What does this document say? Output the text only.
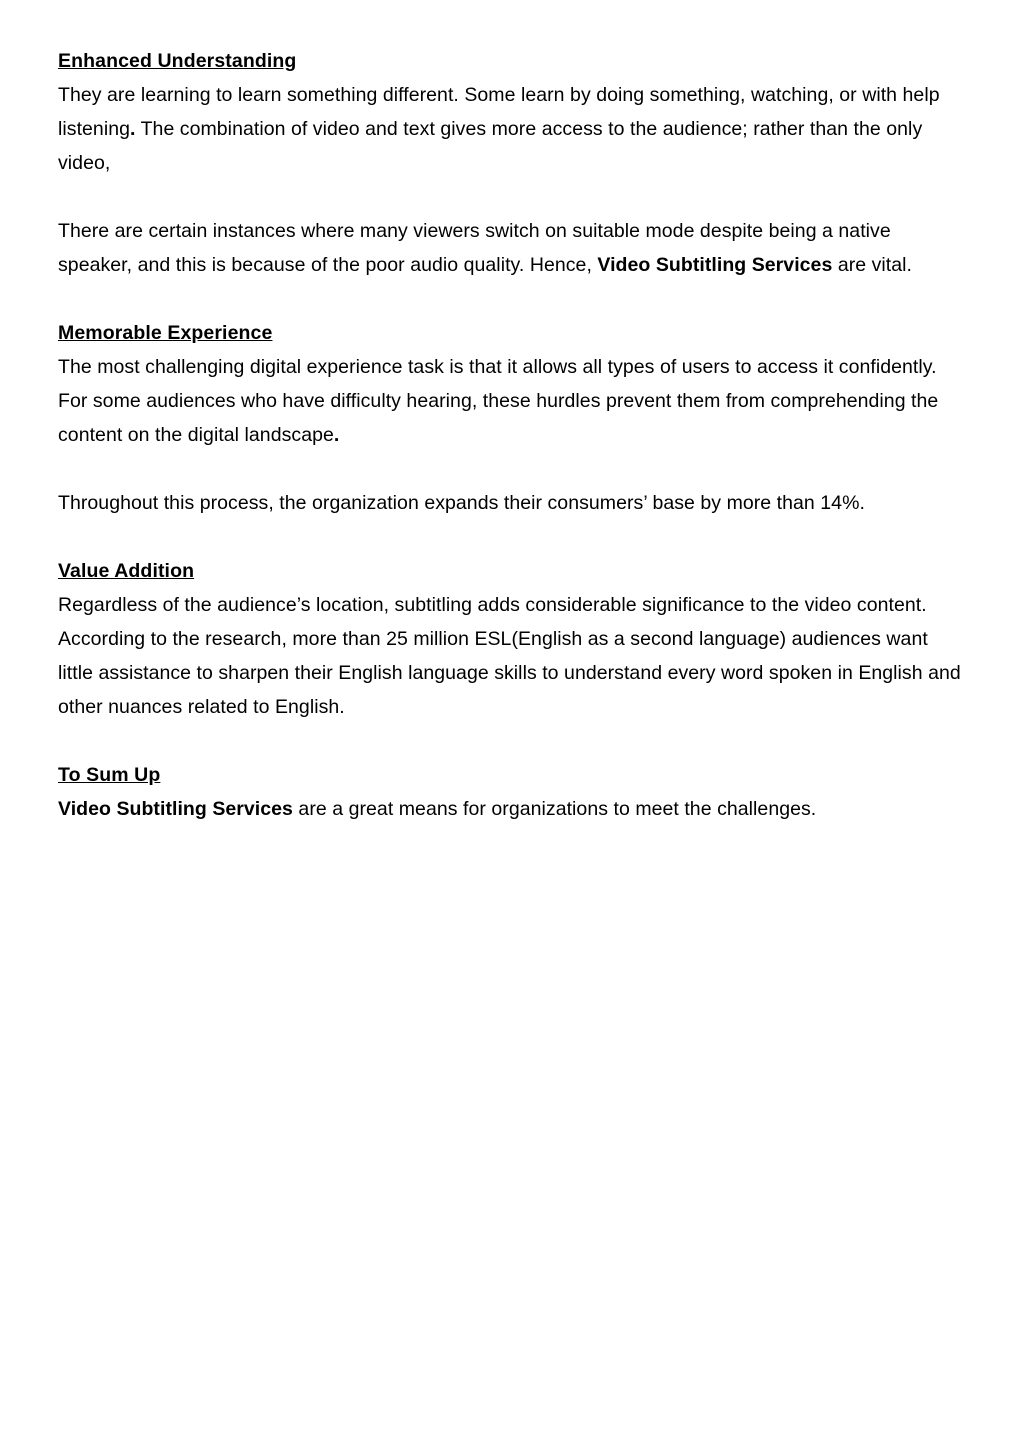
Enhanced Understanding

They are learning to learn something different. Some learn by doing something, watching, or with help listening. The combination of video and text gives more access to the audience; rather than the only video,

There are certain instances where many viewers switch on suitable mode despite being a native speaker, and this is because of the poor audio quality. Hence, Video Subtitling Services are vital.

Memorable Experience

The most challenging digital experience task is that it allows all types of users to access it confidently. For some audiences who have difficulty hearing, these hurdles prevent them from comprehending the content on the digital landscape.

Throughout this process, the organization expands their consumers’ base by more than 14%.

Value Addition

Regardless of the audience’s location, subtitling adds considerable significance to the video content. According to the research, more than 25 million ESL(English as a second language) audiences want little assistance to sharpen their English language skills to understand every word spoken in English and other nuances related to English.

To Sum Up

Video Subtitling Services are a great means for organizations to meet the challenges.
